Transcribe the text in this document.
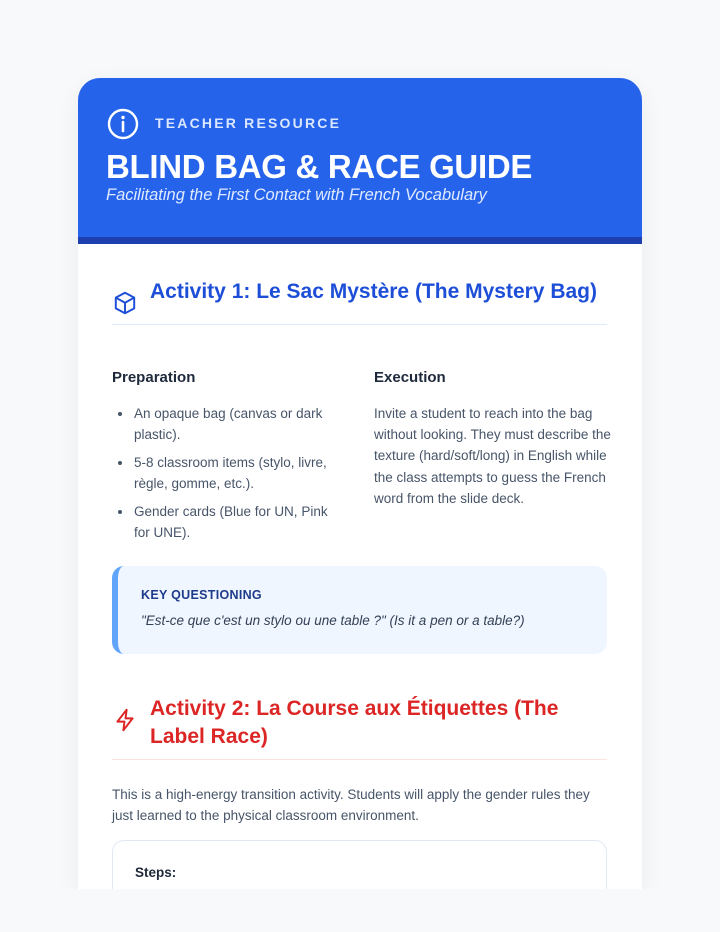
TEACHER RESOURCE
BLIND BAG & RACE GUIDE
Facilitating the First Contact with French Vocabulary
Activity 1: Le Sac Mystère (The Mystery Bag)
Preparation	Execution
An opaque bag (canvas or dark plastic).
5-8 classroom items (stylo, livre, règle, gomme, etc.).
Gender cards (Blue for UN, Pink for UNE).

Invite a student to reach into the bag without looking. They must describe the texture (hard/soft/long) in English while the class attempts to guess the French word from the slide deck.

KEY QUESTIONING
"Est-ce que c'est un stylo ou une table ?" (Is it a pen or a table?)
Activity 2: La Course aux Étiquettes (The Label Race)

This is a high-energy transition activity. Students will apply the gender rules they just learned to the physical classroom environment.

Steps:
